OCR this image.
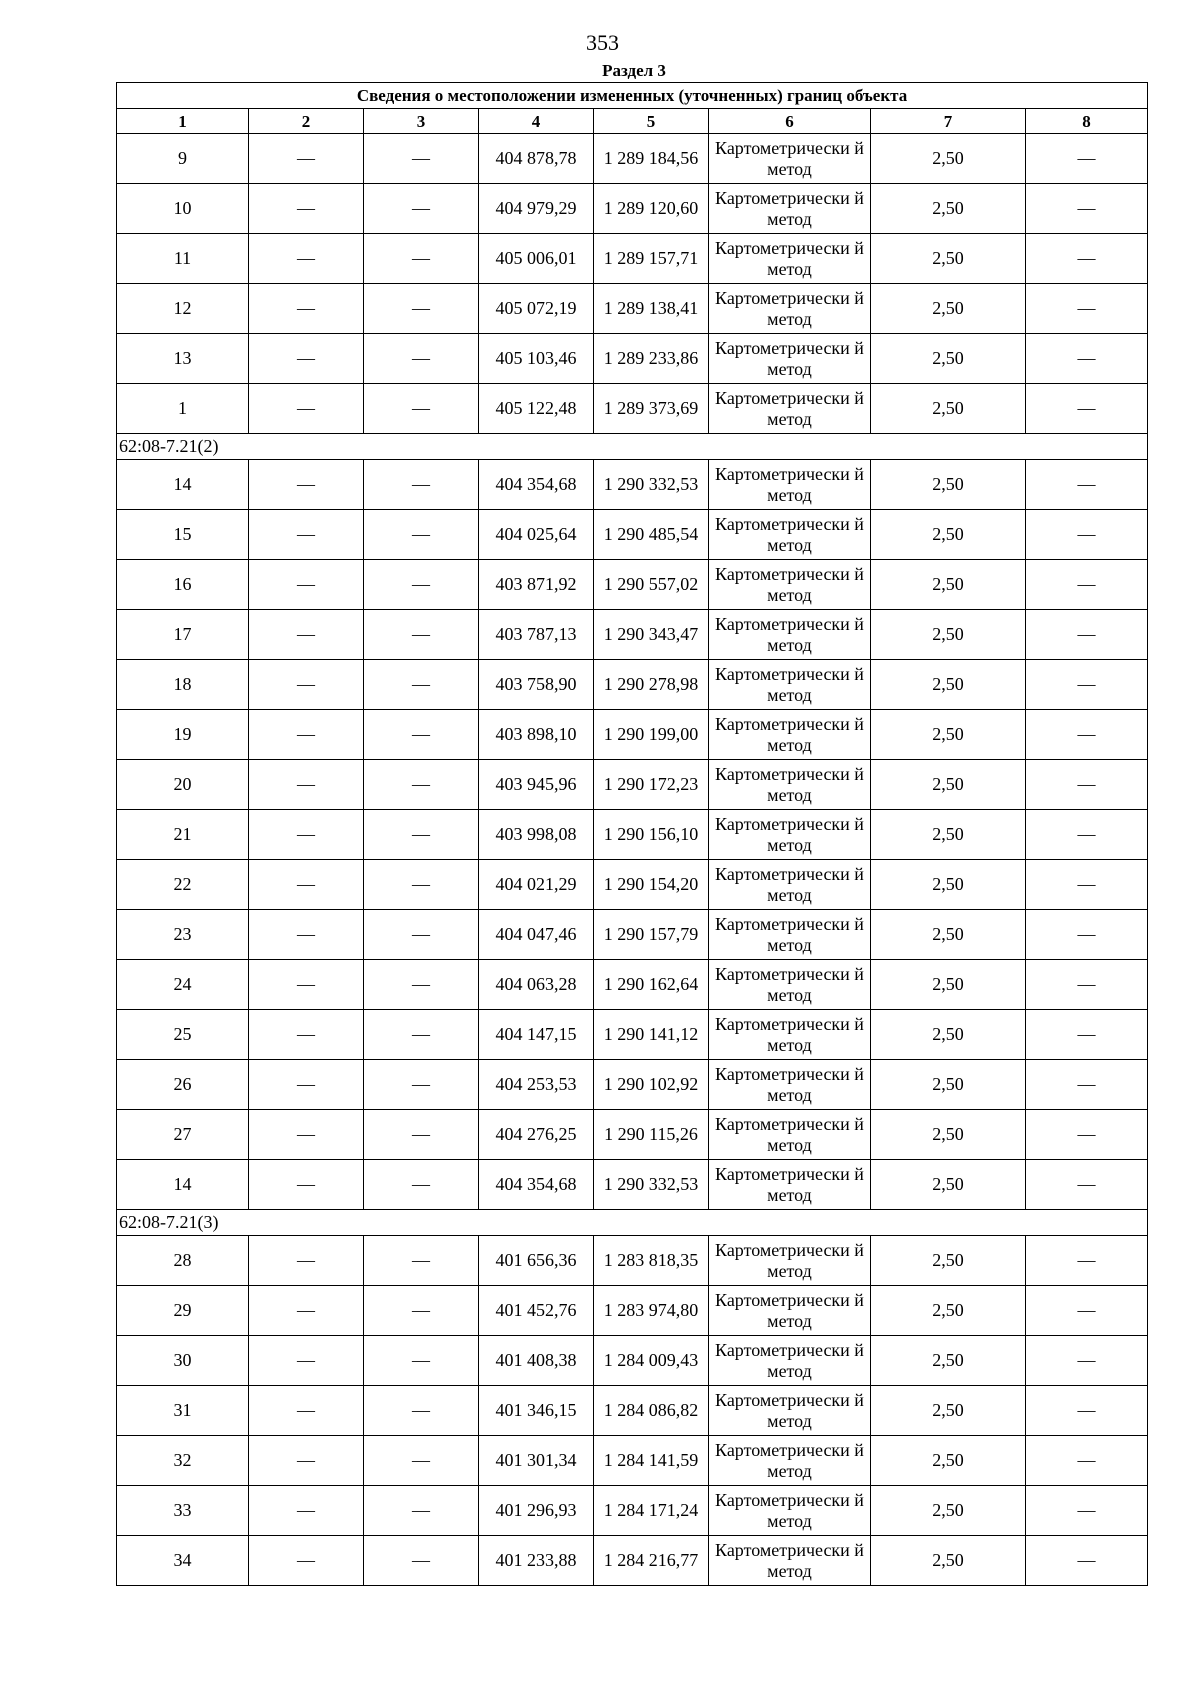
353
Раздел 3
Сведения о местоположении измененных (уточненных) границ объекта							
1	2	3	4	5	6	7	8
9	—	—	404 878,78	1 289 184,56	Картометрически й метод	2,50	—
10	—	—	404 979,29	1 289 120,60	Картометрически й метод	2,50	—
11	—	—	405 006,01	1 289 157,71	Картометрически й метод	2,50	—
12	—	—	405 072,19	1 289 138,41	Картометрически й метод	2,50	—
13	—	—	405 103,46	1 289 233,86	Картометрически й метод	2,50	—
1	—	—	405 122,48	1 289 373,69	Картометрически й метод	2,50	—
62:08-7.21(2)							
14	—	—	404 354,68	1 290 332,53	Картометрически й метод	2,50	—
15	—	—	404 025,64	1 290 485,54	Картометрически й метод	2,50	—
16	—	—	403 871,92	1 290 557,02	Картометрически й метод	2,50	—
17	—	—	403 787,13	1 290 343,47	Картометрически й метод	2,50	—
18	—	—	403 758,90	1 290 278,98	Картометрически й метод	2,50	—
19	—	—	403 898,10	1 290 199,00	Картометрически й метод	2,50	—
20	—	—	403 945,96	1 290 172,23	Картометрически й метод	2,50	—
21	—	—	403 998,08	1 290 156,10	Картометрически й метод	2,50	—
22	—	—	404 021,29	1 290 154,20	Картометрически й метод	2,50	—
23	—	—	404 047,46	1 290 157,79	Картометрически й метод	2,50	—
24	—	—	404 063,28	1 290 162,64	Картометрически й метод	2,50	—
25	—	—	404 147,15	1 290 141,12	Картометрически й метод	2,50	—
26	—	—	404 253,53	1 290 102,92	Картометрически й метод	2,50	—
27	—	—	404 276,25	1 290 115,26	Картометрически й метод	2,50	—
14	—	—	404 354,68	1 290 332,53	Картометрически й метод	2,50	—
62:08-7.21(3)							
28	—	—	401 656,36	1 283 818,35	Картометрически й метод	2,50	—
29	—	—	401 452,76	1 283 974,80	Картометрически й метод	2,50	—
30	—	—	401 408,38	1 284 009,43	Картометрически й метод	2,50	—
31	—	—	401 346,15	1 284 086,82	Картометрически й метод	2,50	—
32	—	—	401 301,34	1 284 141,59	Картометрически й метод	2,50	—
33	—	—	401 296,93	1 284 171,24	Картометрически й метод	2,50	—
34	—	—	401 233,88	1 284 216,77	Картометрически й метод	2,50	—
